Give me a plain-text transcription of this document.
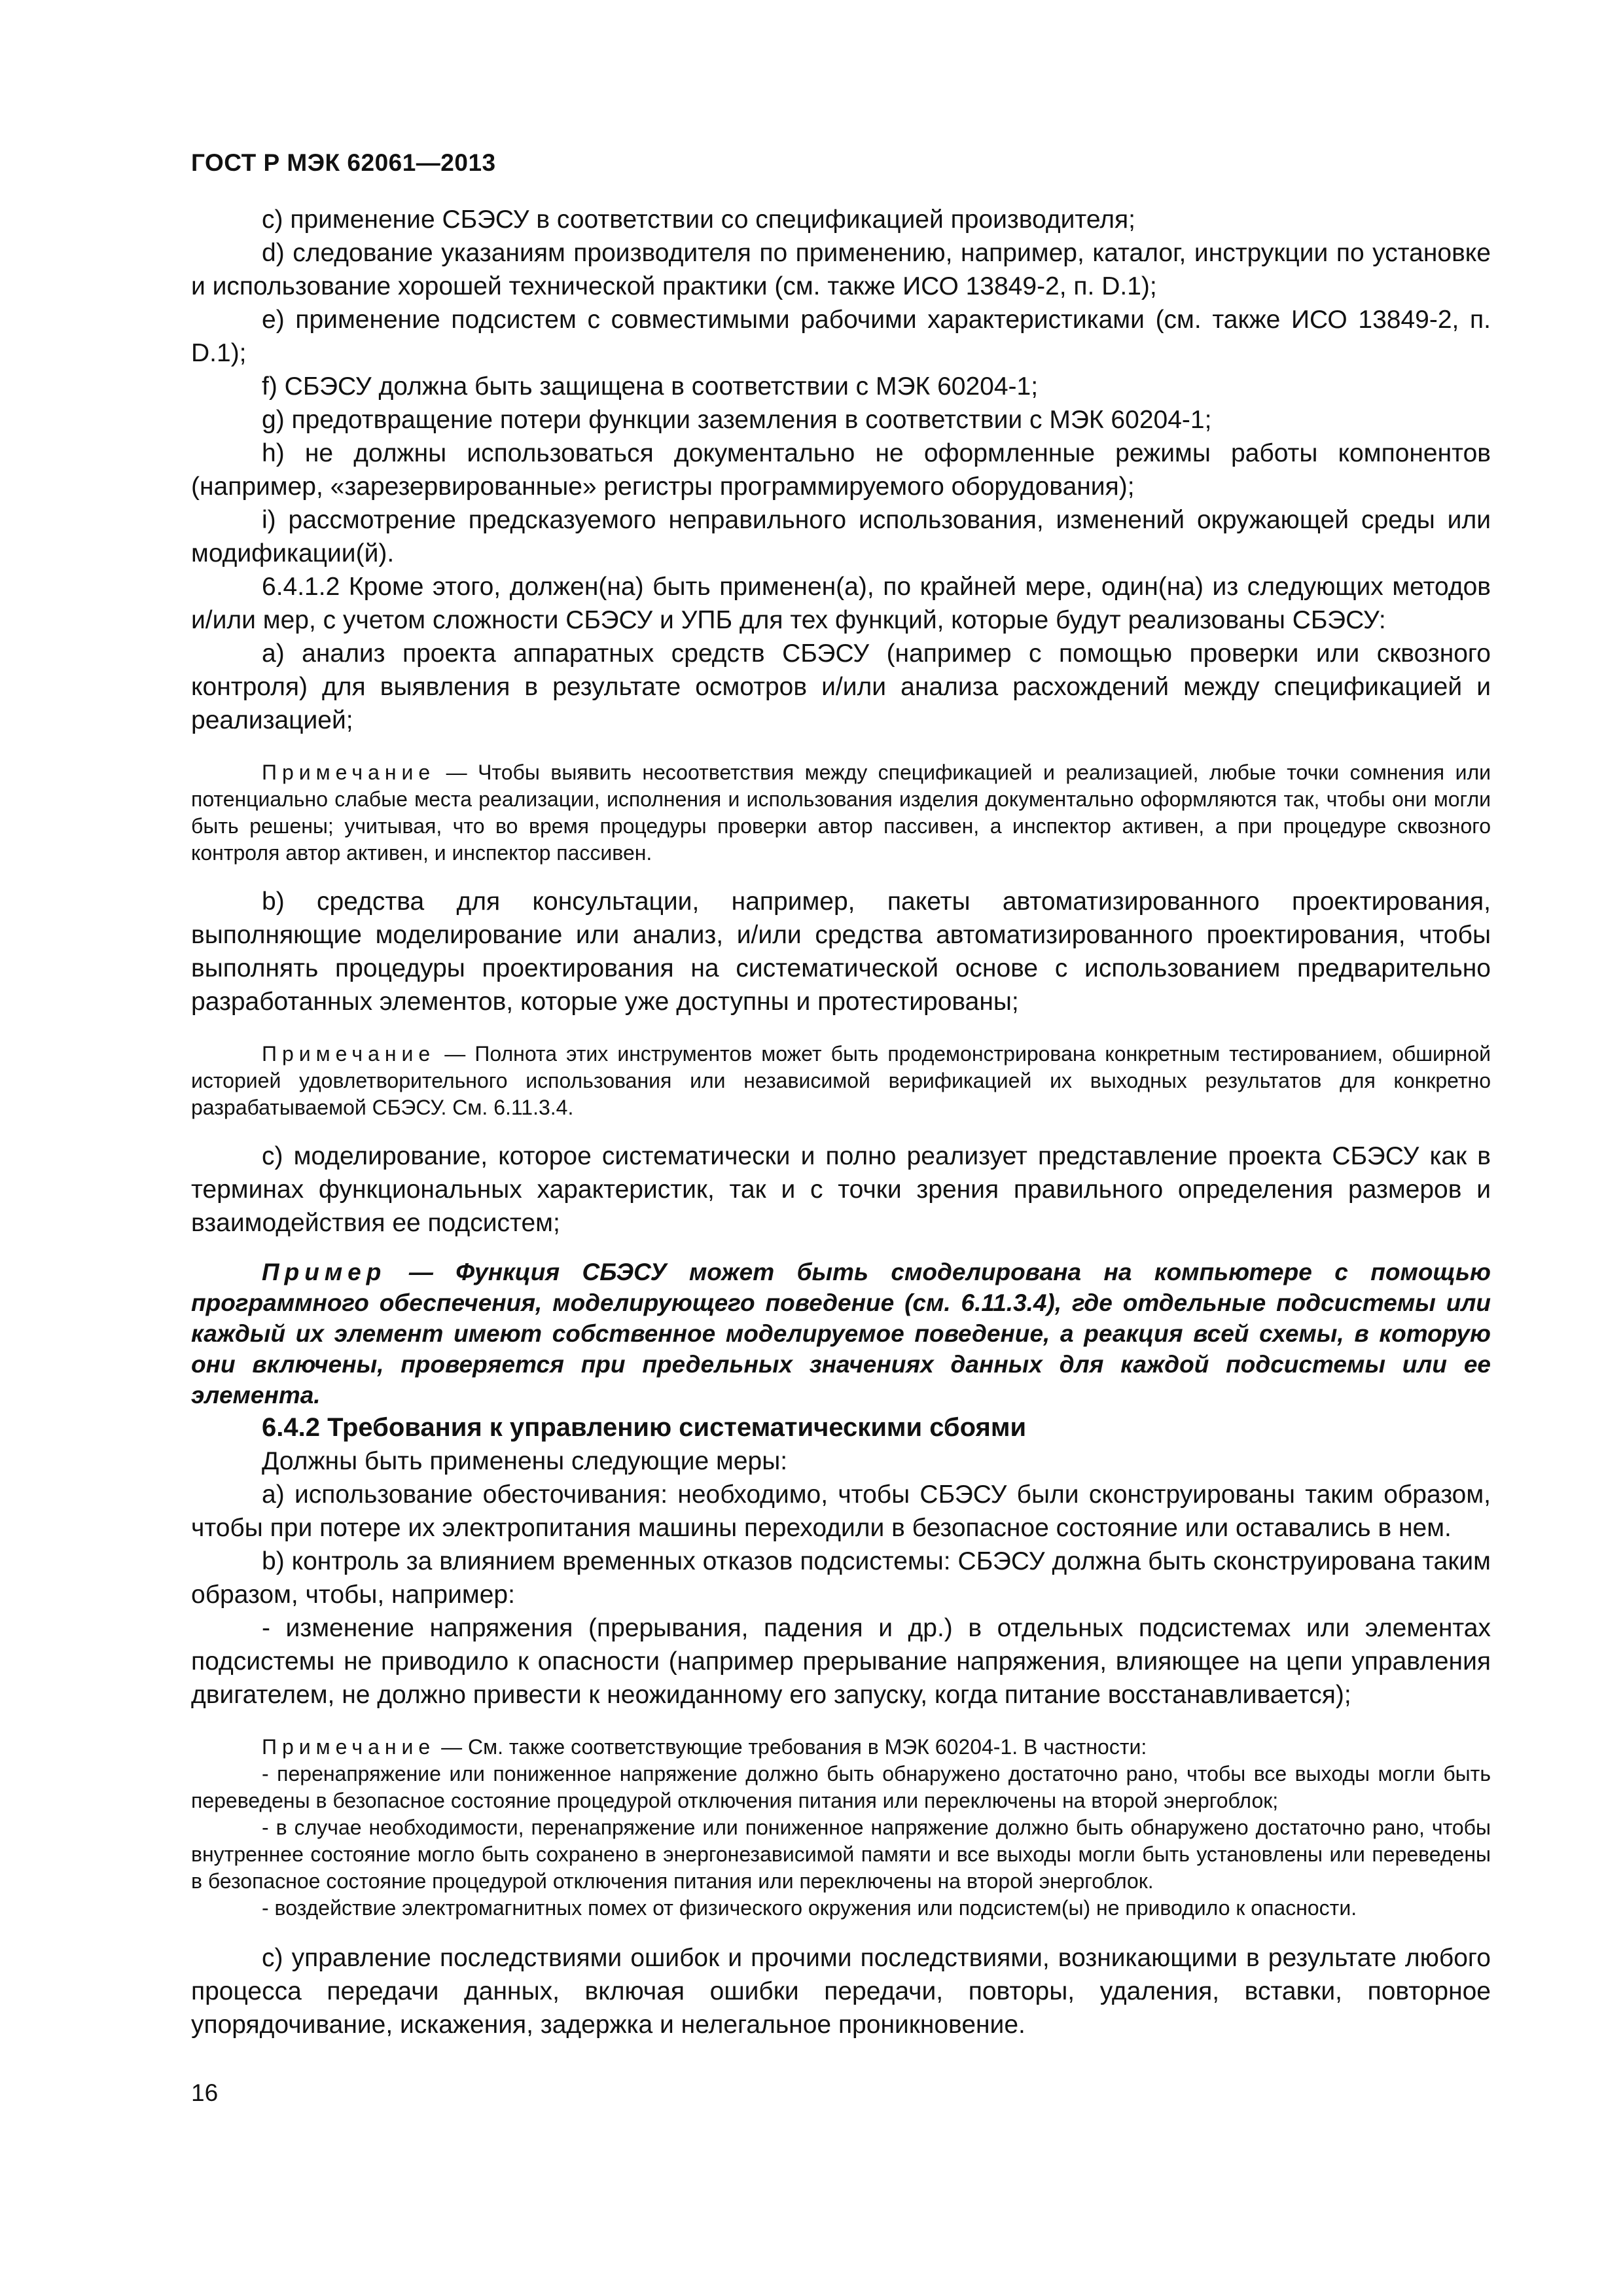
ГОСТ Р МЭК 62061—2013

c) применение СБЭСУ в соответствии со спецификацией производителя;

d) следование указаниям производителя по применению, например, каталог, инструкции по установке и использование хорошей технической практики (см. также ИСО 13849-2, п. D.1);

e) применение подсистем с совместимыми рабочими характеристиками (см. также ИСО 13849-2, п. D.1);

f) СБЭСУ должна быть защищена в соответствии с МЭК 60204-1;

g) предотвращение потери функции заземления в соответствии с МЭК 60204-1;

h) не должны использоваться документально не оформленные режимы работы компонентов (например, «зарезервированные» регистры программируемого оборудования);

i) рассмотрение предсказуемого неправильного использования, изменений окружающей среды или модификации(й).

6.4.1.2 Кроме этого, должен(на) быть применен(а), по крайней мере, один(на) из следующих методов и/или мер, с учетом сложности СБЭСУ и УПБ для тех функций, которые будут реализованы СБЭСУ:

a) анализ проекта аппаратных средств СБЭСУ (например с помощью проверки или сквозного контроля) для выявления в результате осмотров и/или анализа расхождений между спецификацией и реализацией;

Примечание — Чтобы выявить несоответствия между спецификацией и реализацией, любые точки сомнения или потенциально слабые места реализации, исполнения и использования изделия документально оформляются так, чтобы они могли быть решены; учитывая, что во время процедуры проверки автор пассивен, а инспектор активен, а при процедуре сквозного контроля автор активен, и инспектор пассивен.

b) средства для консультации, например, пакеты автоматизированного проектирования, выполняющие моделирование или анализ, и/или средства автоматизированного проектирования, чтобы выполнять процедуры проектирования на систематической основе с использованием предварительно разработанных элементов, которые уже доступны и протестированы;

Примечание — Полнота этих инструментов может быть продемонстрирована конкретным тестированием, обширной историей удовлетворительного использования или независимой верификацией их выходных результатов для конкретно разрабатываемой СБЭСУ. См. 6.11.3.4.

c) моделирование, которое систематически и полно реализует представление проекта СБЭСУ как в терминах функциональных характеристик, так и с точки зрения правильного определения размеров и взаимодействия ее подсистем;

Пример — Функция СБЭСУ может быть смоделирована на компьютере с помощью программного обеспечения, моделирующего поведение (см. 6.11.3.4), где отдельные подсистемы или каждый их элемент имеют собственное моделируемое поведение, а реакция всей схемы, в которую они включены, проверяется при предельных значениях данных для каждой подсистемы или ее элемента.

6.4.2 Требования к управлению систематическими сбоями

Должны быть применены следующие меры:

a) использование обесточивания: необходимо, чтобы СБЭСУ были сконструированы таким образом, чтобы при потере их электропитания машины переходили в безопасное состояние или оставались в нем.

b) контроль за влиянием временных отказов подсистемы: СБЭСУ должна быть сконструирована таким образом, чтобы, например:

- изменение напряжения (прерывания, падения и др.) в отдельных подсистемах или элементах подсистемы не приводило к опасности (например прерывание напряжения, влияющее на цепи управления двигателем, не должно привести к неожиданному его запуску, когда питание восстанавливается);

Примечание — См. также соответствующие требования в МЭК 60204-1. В частности:

- перенапряжение или пониженное напряжение должно быть обнаружено достаточно рано, чтобы все выходы могли быть переведены в безопасное состояние процедурой отключения питания или переключены на второй энергоблок;

- в случае необходимости, перенапряжение или пониженное напряжение должно быть обнаружено достаточно рано, чтобы внутреннее состояние могло быть сохранено в энергонезависимой памяти и все выходы могли быть установлены или переведены в безопасное состояние процедурой отключения питания или переключены на второй энергоблок.

- воздействие электромагнитных помех от физического окружения или подсистем(ы) не приводило к опасности.

c) управление последствиями ошибок и прочими последствиями, возникающими в результате любого процесса передачи данных, включая ошибки передачи, повторы, удаления, вставки, повторное упорядочивание, искажения, задержка и нелегальное проникновение.

16
